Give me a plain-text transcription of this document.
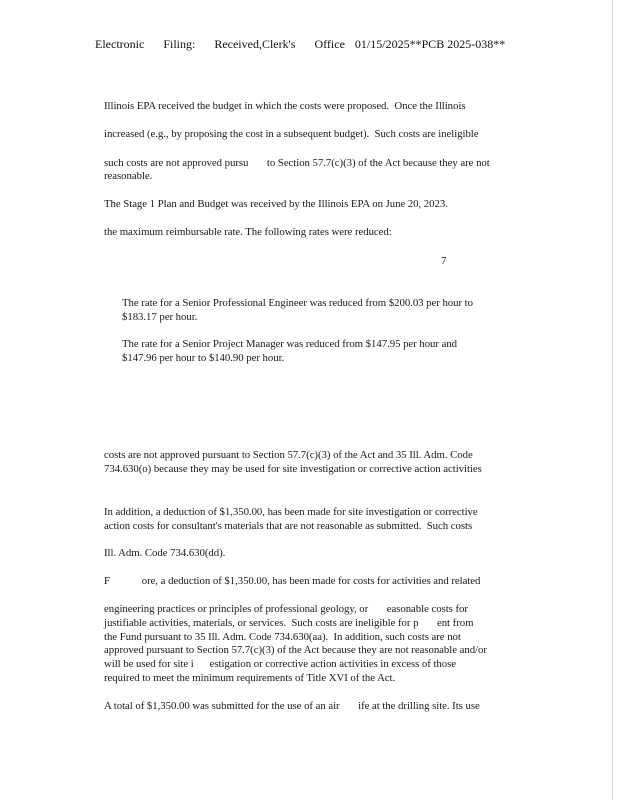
Electronic Filing: Received,Clerk's Office 01/15/2025**PCB 2025-038**

Illinois EPA received the budget in which the costs were proposed.  Once the Illinois

increased (e.g., by proposing the cost in a subsequent budget).  Such costs are ineligible

such costs are not approved pursu       to Section 57.7(c)(3) of the Act because they are not

reasonable.

The Stage 1 Plan and Budget was received by the Illinois EPA on June 20, 2023.

the maximum reimbursable rate. The following rates were reduced:

7

The rate for a Senior Professional Engineer was reduced from $200.03 per hour to

$183.17 per hour.

The rate for a Senior Project Manager was reduced from $147.95 per hour and

$147.96 per hour to $140.90 per hour.

costs are not approved pursuant to Section 57.7(c)(3) of the Act and 35 Ill. Adm. Code

734.630(o) because they may be used for site investigation or corrective action activities

In addition, a deduction of $1,350.00, has been made for site investigation or corrective

action costs for consultant's materials that are not reasonable as submitted.  Such costs

Ill. Adm. Code 734.630(dd).

F            ore, a deduction of $1,350.00, has been made for costs for activities and related

engineering practices or principles of professional geology, or       easonable costs for

justifiable activities, materials, or services.  Such costs are ineligible for p       ent from

the Fund pursuant to 35 Ill. Adm. Code 734.630(aa).  In addition, such costs are not

approved pursuant to Section 57.7(c)(3) of the Act because they are not reasonable and/or

will be used for site i      estigation or corrective action activities in excess of those

required to meet the minimum requirements of Title XVI of the Act.

A total of $1,350.00 was submitted for the use of an air       ife at the drilling site. Its use
